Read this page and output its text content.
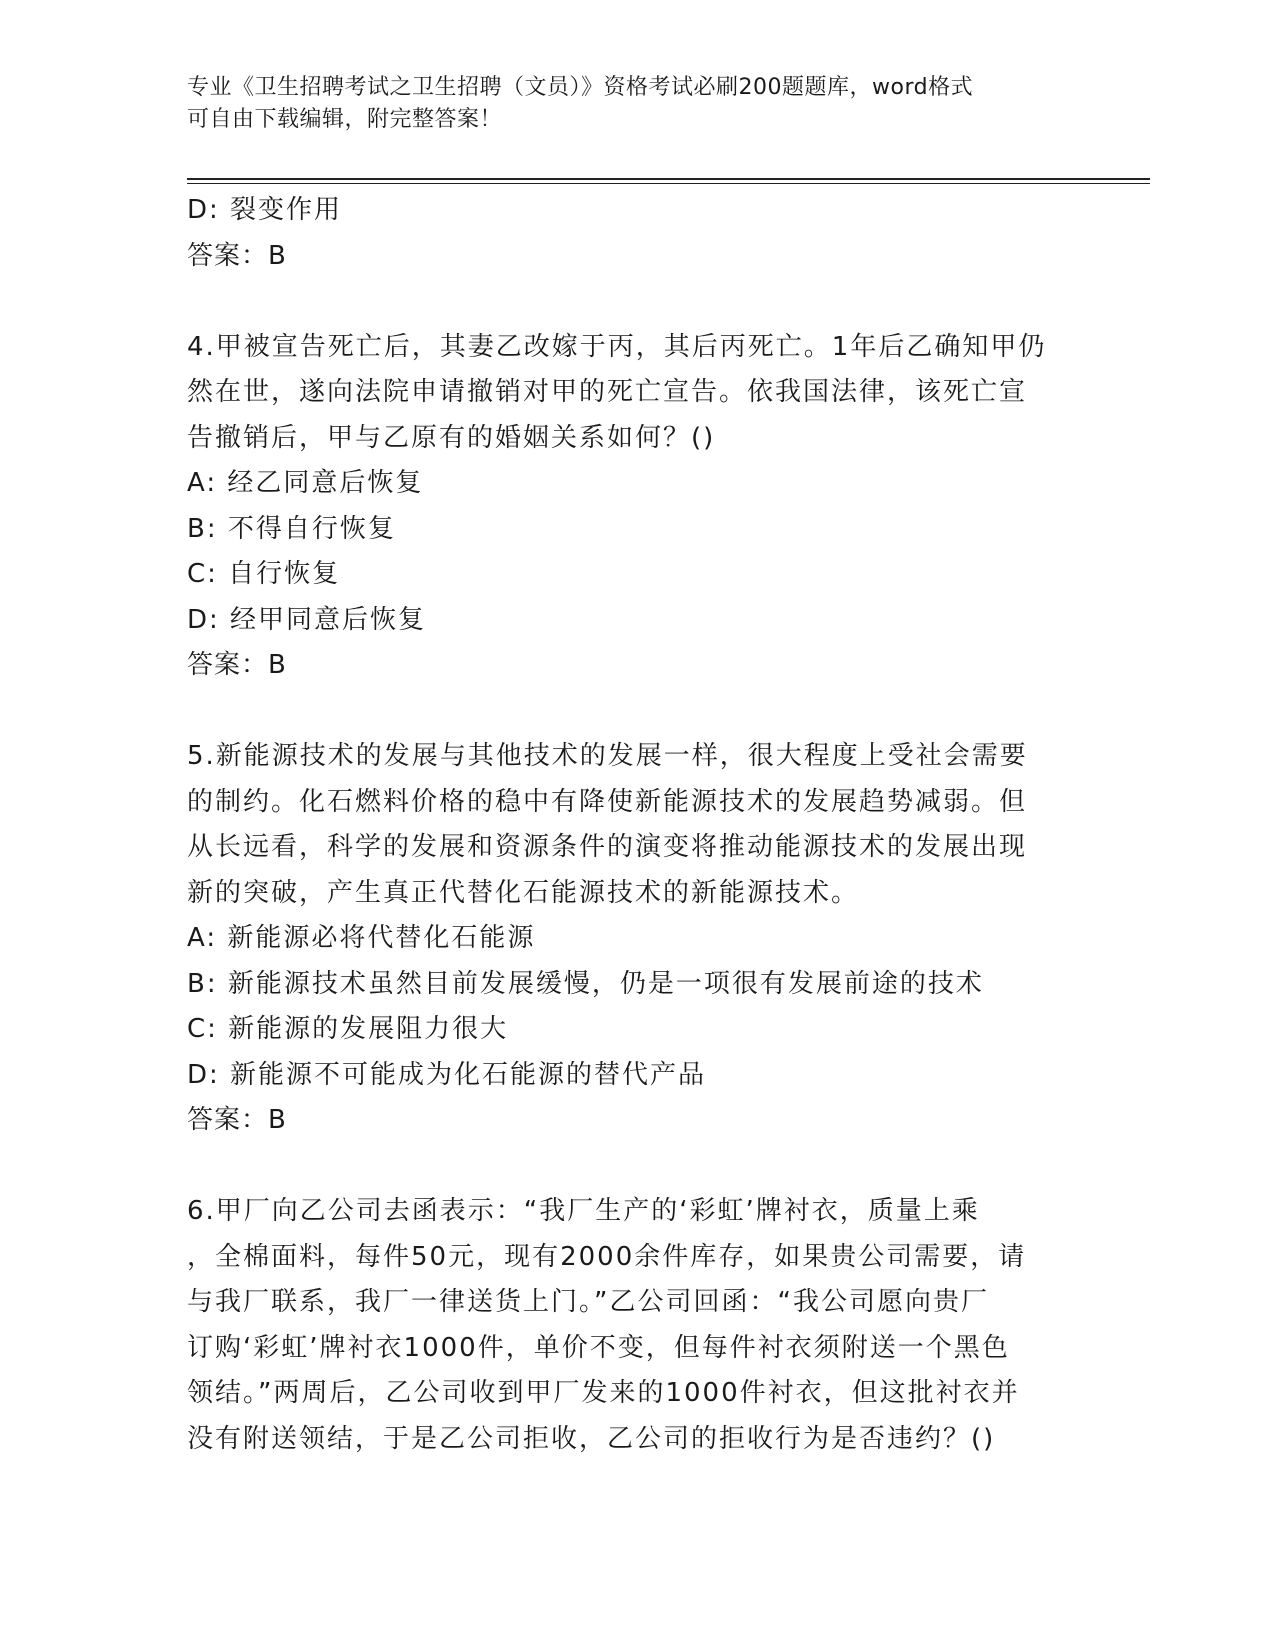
专业《卫生招聘考试之卫生招聘（文员）》资格考试必刷200题题库，word格式
可自由下载编辑，附完整答案！
D: 裂变作用
答案：B
4.甲被宣告死亡后，其妻乙改嫁于丙，其后丙死亡。1年后乙确知甲仍
然在世，遂向法院申请撤销对甲的死亡宣告。依我国法律，该死亡宣
告撤销后，甲与乙原有的婚姻关系如何？()
A: 经乙同意后恢复
B: 不得自行恢复
C: 自行恢复
D: 经甲同意后恢复
答案：B
5.新能源技术的发展与其他技术的发展一样，很大程度上受社会需要
的制约。化石燃料价格的稳中有降使新能源技术的发展趋势减弱。但
从长远看，科学的发展和资源条件的演变将推动能源技术的发展出现
新的突破，产生真正代替化石能源技术的新能源技术。
A: 新能源必将代替化石能源
B: 新能源技术虽然目前发展缓慢，仍是一项很有发展前途的技术
C: 新能源的发展阻力很大
D: 新能源不可能成为化石能源的替代产品
答案：B
6.甲厂向乙公司去函表示：“我厂生产的‘彩虹’牌衬衣，质量上乘
，全棉面料，每件50元，现有2000余件库存，如果贵公司需要，请
与我厂联系，我厂一律送货上门。”乙公司回函：“我公司愿向贵厂
订购‘彩虹’牌衬衣1000件，单价不变，但每件衬衣须附送一个黑色
领结。”两周后，乙公司收到甲厂发来的1000件衬衣，但这批衬衣并
没有附送领结，于是乙公司拒收，乙公司的拒收行为是否违约？()
